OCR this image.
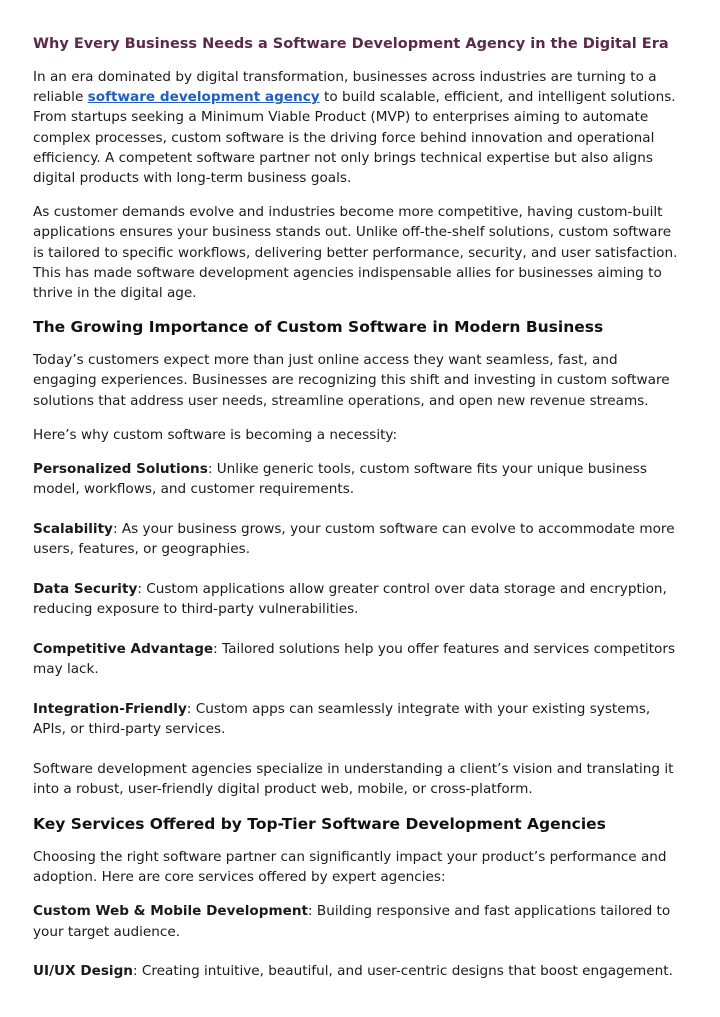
Why Every Business Needs a Software Development Agency in the Digital Era

In an era dominated by digital transformation, businesses across industries are turning to a reliable software development agency to build scalable, efficient, and intelligent solutions. From startups seeking a Minimum Viable Product (MVP) to enterprises aiming to automate complex processes, custom software is the driving force behind innovation and operational efficiency. A competent software partner not only brings technical expertise but also aligns digital products with long-term business goals.

As customer demands evolve and industries become more competitive, having custom-built applications ensures your business stands out. Unlike off-the-shelf solutions, custom software is tailored to specific workflows, delivering better performance, security, and user satisfaction. This has made software development agencies indispensable allies for businesses aiming to thrive in the digital age.

The Growing Importance of Custom Software in Modern Business

Today’s customers expect more than just online access they want seamless, fast, and engaging experiences. Businesses are recognizing this shift and investing in custom software solutions that address user needs, streamline operations, and open new revenue streams.

Here’s why custom software is becoming a necessity:

Personalized Solutions: Unlike generic tools, custom software fits your unique business model, workflows, and customer requirements.

Scalability: As your business grows, your custom software can evolve to accommodate more users, features, or geographies.

Data Security: Custom applications allow greater control over data storage and encryption, reducing exposure to third-party vulnerabilities.

Competitive Advantage: Tailored solutions help you offer features and services competitors may lack.

Integration-Friendly: Custom apps can seamlessly integrate with your existing systems, APIs, or third-party services.

Software development agencies specialize in understanding a client’s vision and translating it into a robust, user-friendly digital product web, mobile, or cross-platform.

Key Services Offered by Top-Tier Software Development Agencies

Choosing the right software partner can significantly impact your product’s performance and adoption. Here are core services offered by expert agencies:

Custom Web & Mobile Development: Building responsive and fast applications tailored to your target audience.

UI/UX Design: Creating intuitive, beautiful, and user-centric designs that boost engagement.
